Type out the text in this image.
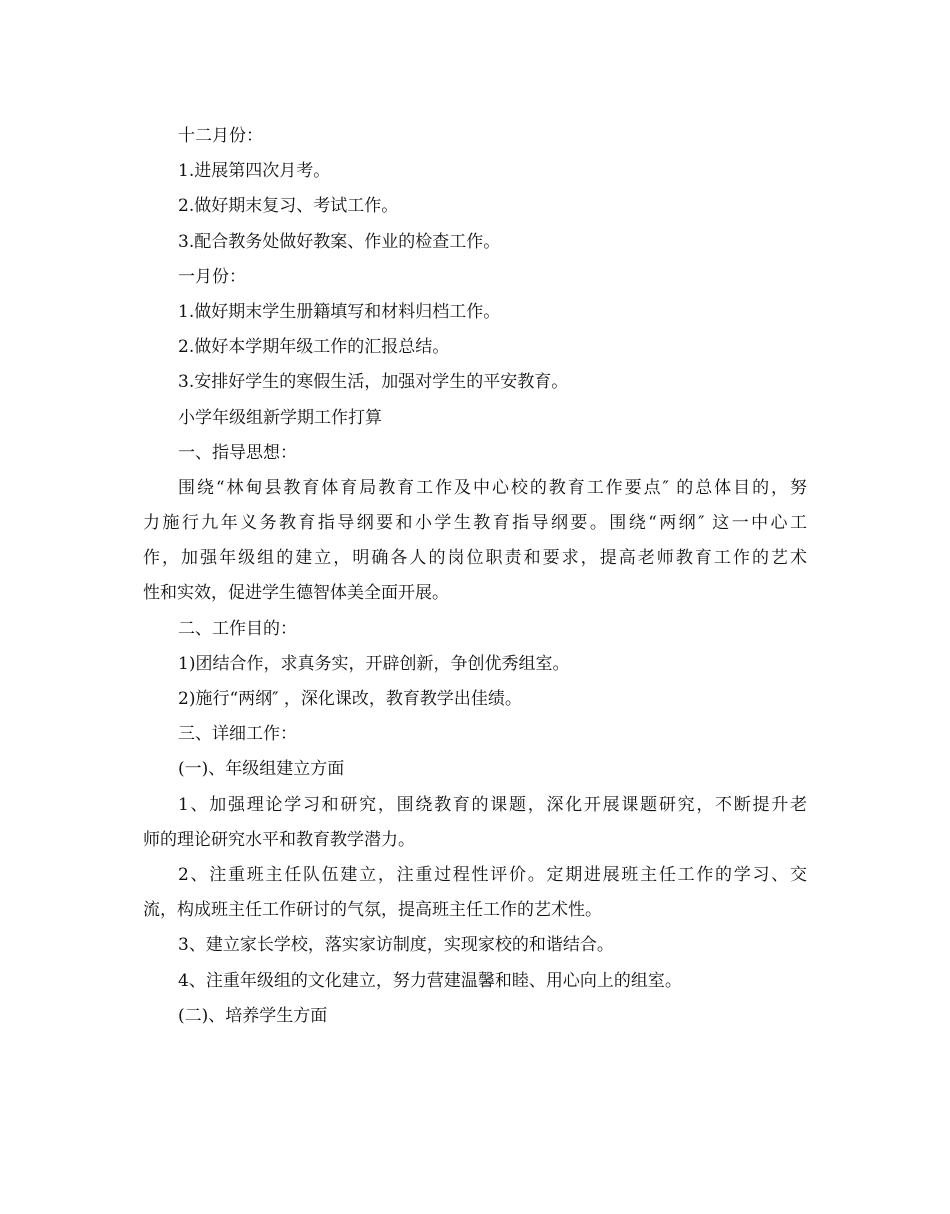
十二月份：
1.进展第四次月考。
2.做好期末复习、考试工作。
3.配合教务处做好教案、作业的检查工作。
一月份：
1.做好期末学生册籍填写和材料归档工作。
2.做好本学期年级工作的汇报总结。
3.安排好学生的寒假生活，加强对学生的平安教育。
小学年级组新学期工作打算
一、指导思想：
围绕“林甸县教育体育局教育工作及中心校的教育工作要点″ 的总体目的，努
力施行九年义务教育指导纲要和小学生教育指导纲要。围绕“两纲″ 这一中心工
作，加强年级组的建立，明确各人的岗位职责和要求，提高老师教育工作的艺术
性和实效，促进学生德智体美全面开展。
二、工作目的：
1)团结合作，求真务实，开辟创新，争创优秀组室。
2)施行“两纲″ ，深化课改，教育教学出佳绩。
三、详细工作：
(一)、年级组建立方面
1、加强理论学习和研究，围绕教育的课题，深化开展课题研究，不断提升老
师的理论研究水平和教育教学潜力。
2、注重班主任队伍建立，注重过程性评价。定期进展班主任工作的学习、交
流，构成班主任工作研讨的气氛，提高班主任工作的艺术性。
3、建立家长学校，落实家访制度，实现家校的和谐结合。
4、注重年级组的文化建立，努力营建温馨和睦、用心向上的组室。
(二)、培养学生方面
